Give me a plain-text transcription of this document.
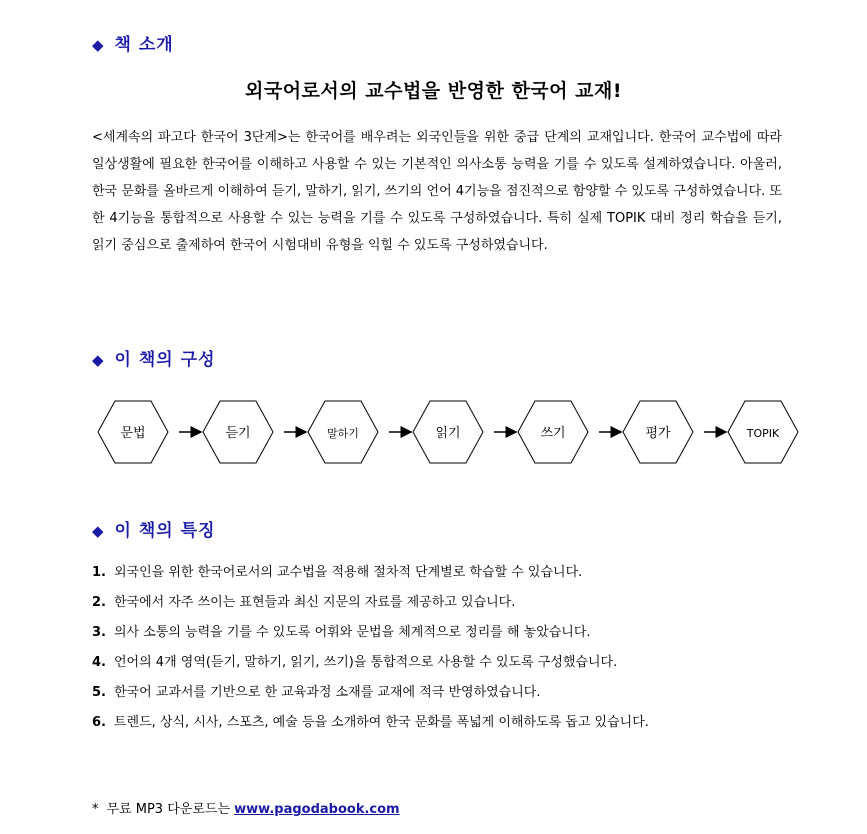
◆ 책 소개
외국어로서의 교수법을 반영한 한국어 교재!
<세계속의 파고다 한국어 3단계>는 한국어를 배우려는 외국인들을 위한 중급 단계의 교재입니다. 한국어 교수법에 따라 일상생활에 필요한 한국어를 이해하고 사용할 수 있는 기본적인 의사소통 능력을 기를 수 있도록 설계하였습니다. 아울러, 한국 문화를 올바르게 이해하여 듣기, 말하기, 읽기, 쓰기의 언어 4기능을 점진적으로 함양할 수 있도록 구성하였습니다. 또한 4기능을 통합적으로 사용할 수 있는 능력을 기를 수 있도록 구성하였습니다. 특히 실제 TOPIK 대비 정리 학습을 듣기, 읽기 중심으로 출제하여 한국어 시험대비 유형을 익힐 수 있도록 구성하였습니다.
◆ 이 책의 구성
문법	듣기	말하기	읽기	쓰기	평가	TOPIK
◆ 이 책의 특징
1. 외국인을 위한 한국어로서의 교수법을 적용해 절차적 단계별로 학습할 수 있습니다.
2. 한국에서 자주 쓰이는 표현들과 최신 지문의 자료를 제공하고 있습니다.
3. 의사 소통의 능력을 기를 수 있도록 어휘와 문법을 체계적으로 정리를 해 놓았습니다.
4. 언어의 4개 영역(듣기, 말하기, 읽기, 쓰기)을 통합적으로 사용할 수 있도록 구성했습니다.
5. 한국어 교과서를 기반으로 한 교육과정 소재를 교재에 적극 반영하였습니다.
6. 트렌드, 상식, 시사, 스포츠, 예술 등을 소개하여 한국 문화를 폭넓게 이해하도록 돕고 있습니다.
* 무료 MP3 다운로드는 www.pagodabook.com
